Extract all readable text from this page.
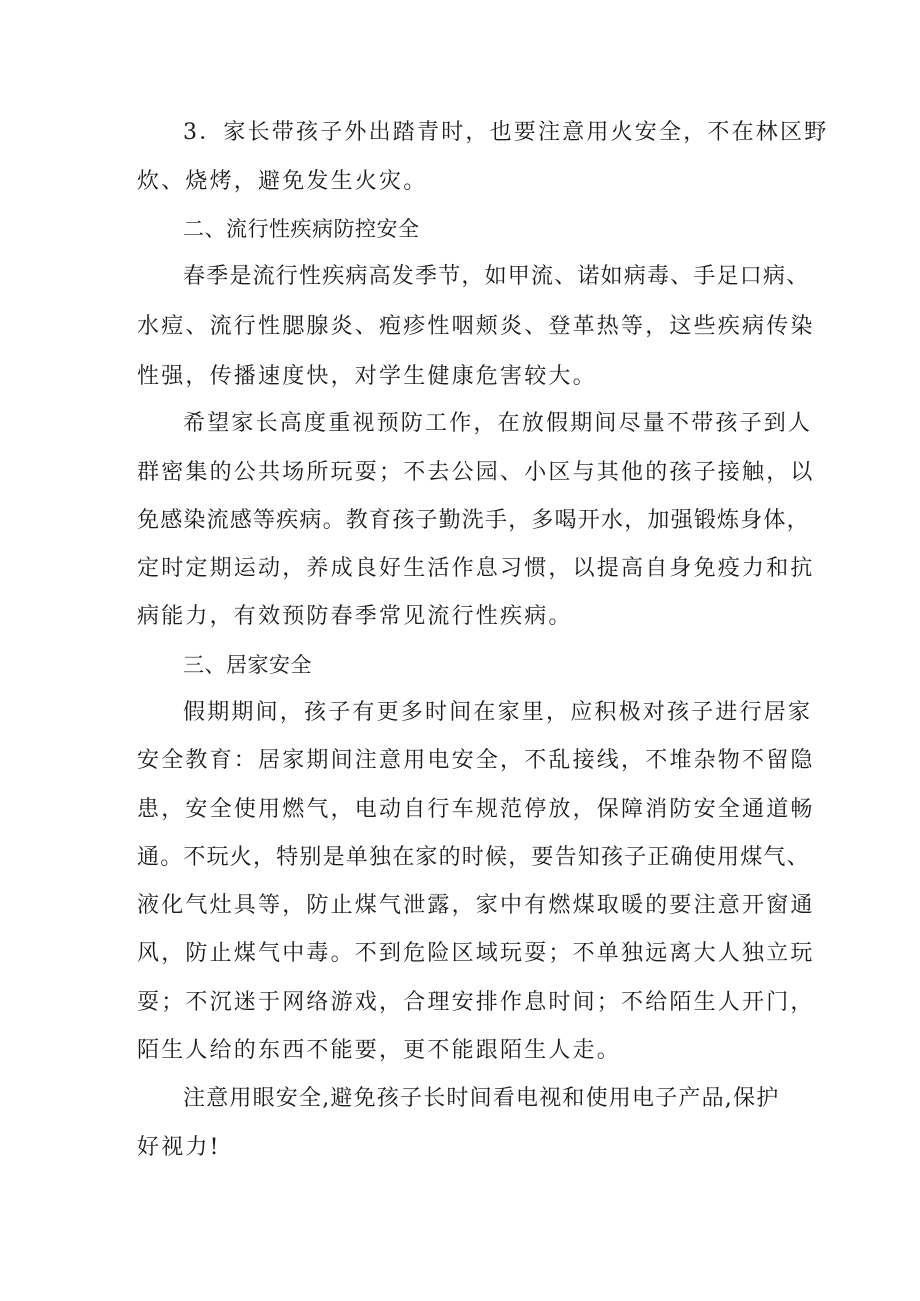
3．家长带孩子外出踏青时，也要注意用火安全，不在林区野
炊、烧烤，避免发生火灾。
二、流行性疾病防控安全
春季是流行性疾病高发季节，如甲流、诺如病毒、手足口病、
水痘、流行性腮腺炎、疱疹性咽颊炎、登革热等，这些疾病传染
性强，传播速度快，对学生健康危害较大。
希望家长高度重视预防工作，在放假期间尽量不带孩子到人
群密集的公共场所玩耍；不去公园、小区与其他的孩子接触，以
免感染流感等疾病。教育孩子勤洗手，多喝开水，加强锻炼身体，
定时定期运动，养成良好生活作息习惯，以提高自身免疫力和抗
病能力，有效预防春季常见流行性疾病。
三、居家安全
假期期间，孩子有更多时间在家里，应积极对孩子进行居家
安全教育：居家期间注意用电安全，不乱接线，不堆杂物不留隐
患，安全使用燃气，电动自行车规范停放，保障消防安全通道畅
通。不玩火，特别是单独在家的时候，要告知孩子正确使用煤气、
液化气灶具等，防止煤气泄露，家中有燃煤取暖的要注意开窗通
风，防止煤气中毒。不到危险区域玩耍；不单独远离大人独立玩
耍；不沉迷于网络游戏，合理安排作息时间；不给陌生人开门，
陌生人给的东西不能要，更不能跟陌生人走。
注意用眼安全,避免孩子长时间看电视和使用电子产品,保护
好视力!
